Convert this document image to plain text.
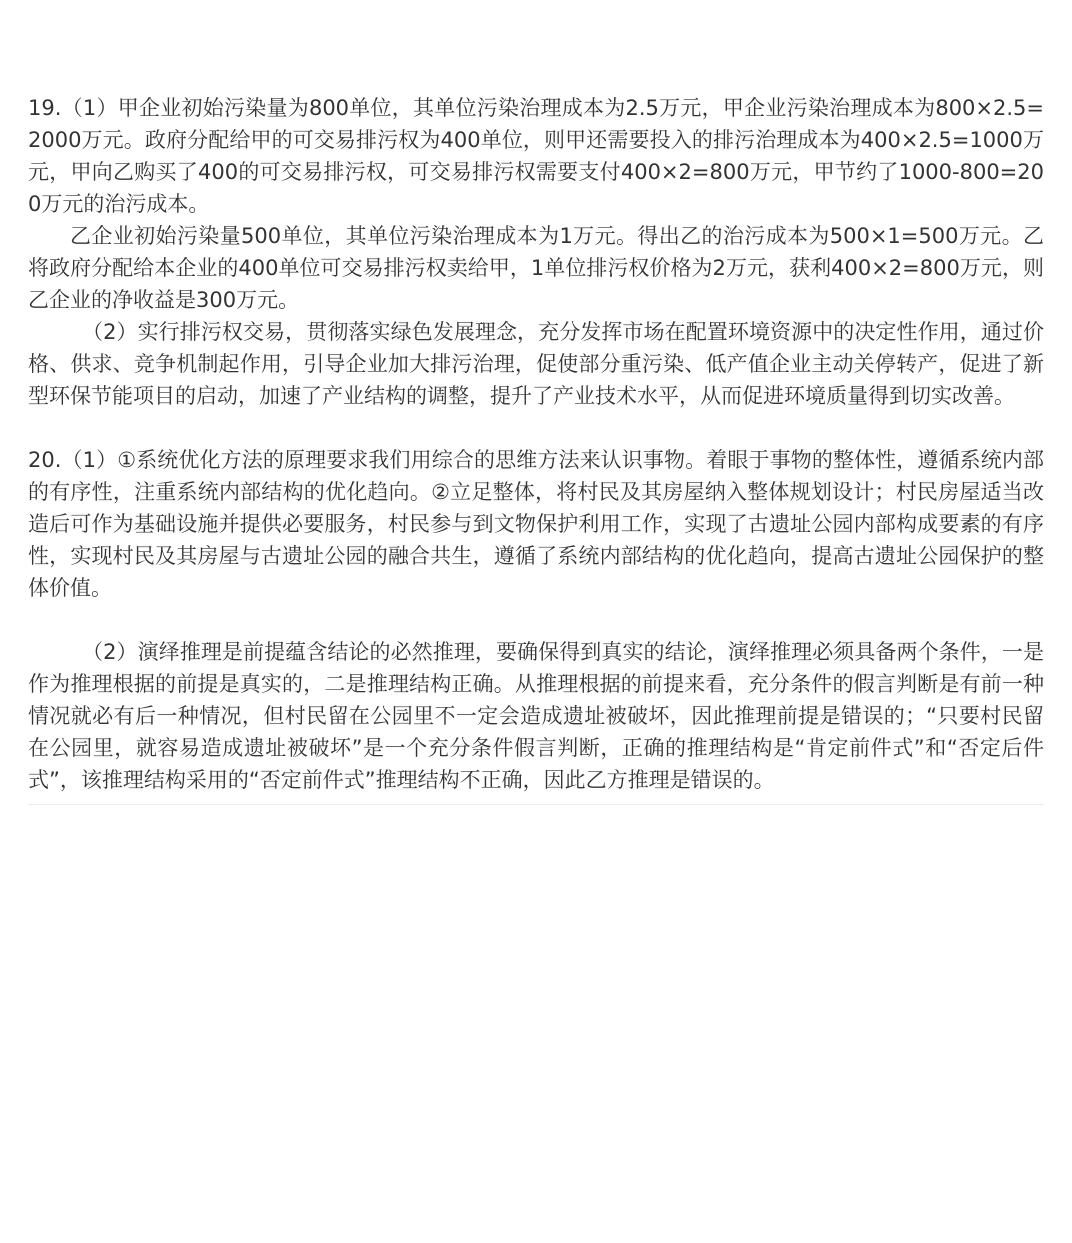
19.（1）甲企业初始污染量为800单位，其单位污染治理成本为2.5万元，甲企业污染治理成本为800×2.5=2000万元。政府分配给甲的可交易排污权为400单位，则甲还需要投入的排污治理成本为400×2.5=1000万元，甲向乙购买了400的可交易排污权，可交易排污权需要支付400×2=800万元，甲节约了1000-800=200万元的治污成本。

乙企业初始污染量500单位，其单位污染治理成本为1万元。得出乙的治污成本为500×1=500万元。乙将政府分配给本企业的400单位可交易排污权卖给甲，1单位排污权价格为2万元，获利400×2=800万元，则乙企业的净收益是300万元。

（2）实行排污权交易，贯彻落实绿色发展理念，充分发挥市场在配置环境资源中的决定性作用，通过价格、供求、竞争机制起作用，引导企业加大排污治理，促使部分重污染、低产值企业主动关停转产，促进了新型环保节能项目的启动，加速了产业结构的调整，提升了产业技术水平，从而促进环境质量得到切实改善。

20.（1）①系统优化方法的原理要求我们用综合的思维方法来认识事物。着眼于事物的整体性，遵循系统内部的有序性，注重系统内部结构的优化趋向。②立足整体，将村民及其房屋纳入整体规划设计；村民房屋适当改造后可作为基础设施并提供必要服务，村民参与到文物保护利用工作，实现了古遗址公园内部构成要素的有序性，实现村民及其房屋与古遗址公园的融合共生，遵循了系统内部结构的优化趋向，提高古遗址公园保护的整体价值。

（2）演绎推理是前提蕴含结论的必然推理，要确保得到真实的结论，演绎推理必须具备两个条件，一是作为推理根据的前提是真实的，二是推理结构正确。从推理根据的前提来看，充分条件的假言判断是有前一种情况就必有后一种情况，但村民留在公园里不一定会造成遗址被破坏，因此推理前提是错误的；“只要村民留在公园里，就容易造成遗址被破坏”是一个充分条件假言判断，正确的推理结构是“肯定前件式”和“否定后件式”，该推理结构采用的“否定前件式”推理结构不正确，因此乙方推理是错误的。
